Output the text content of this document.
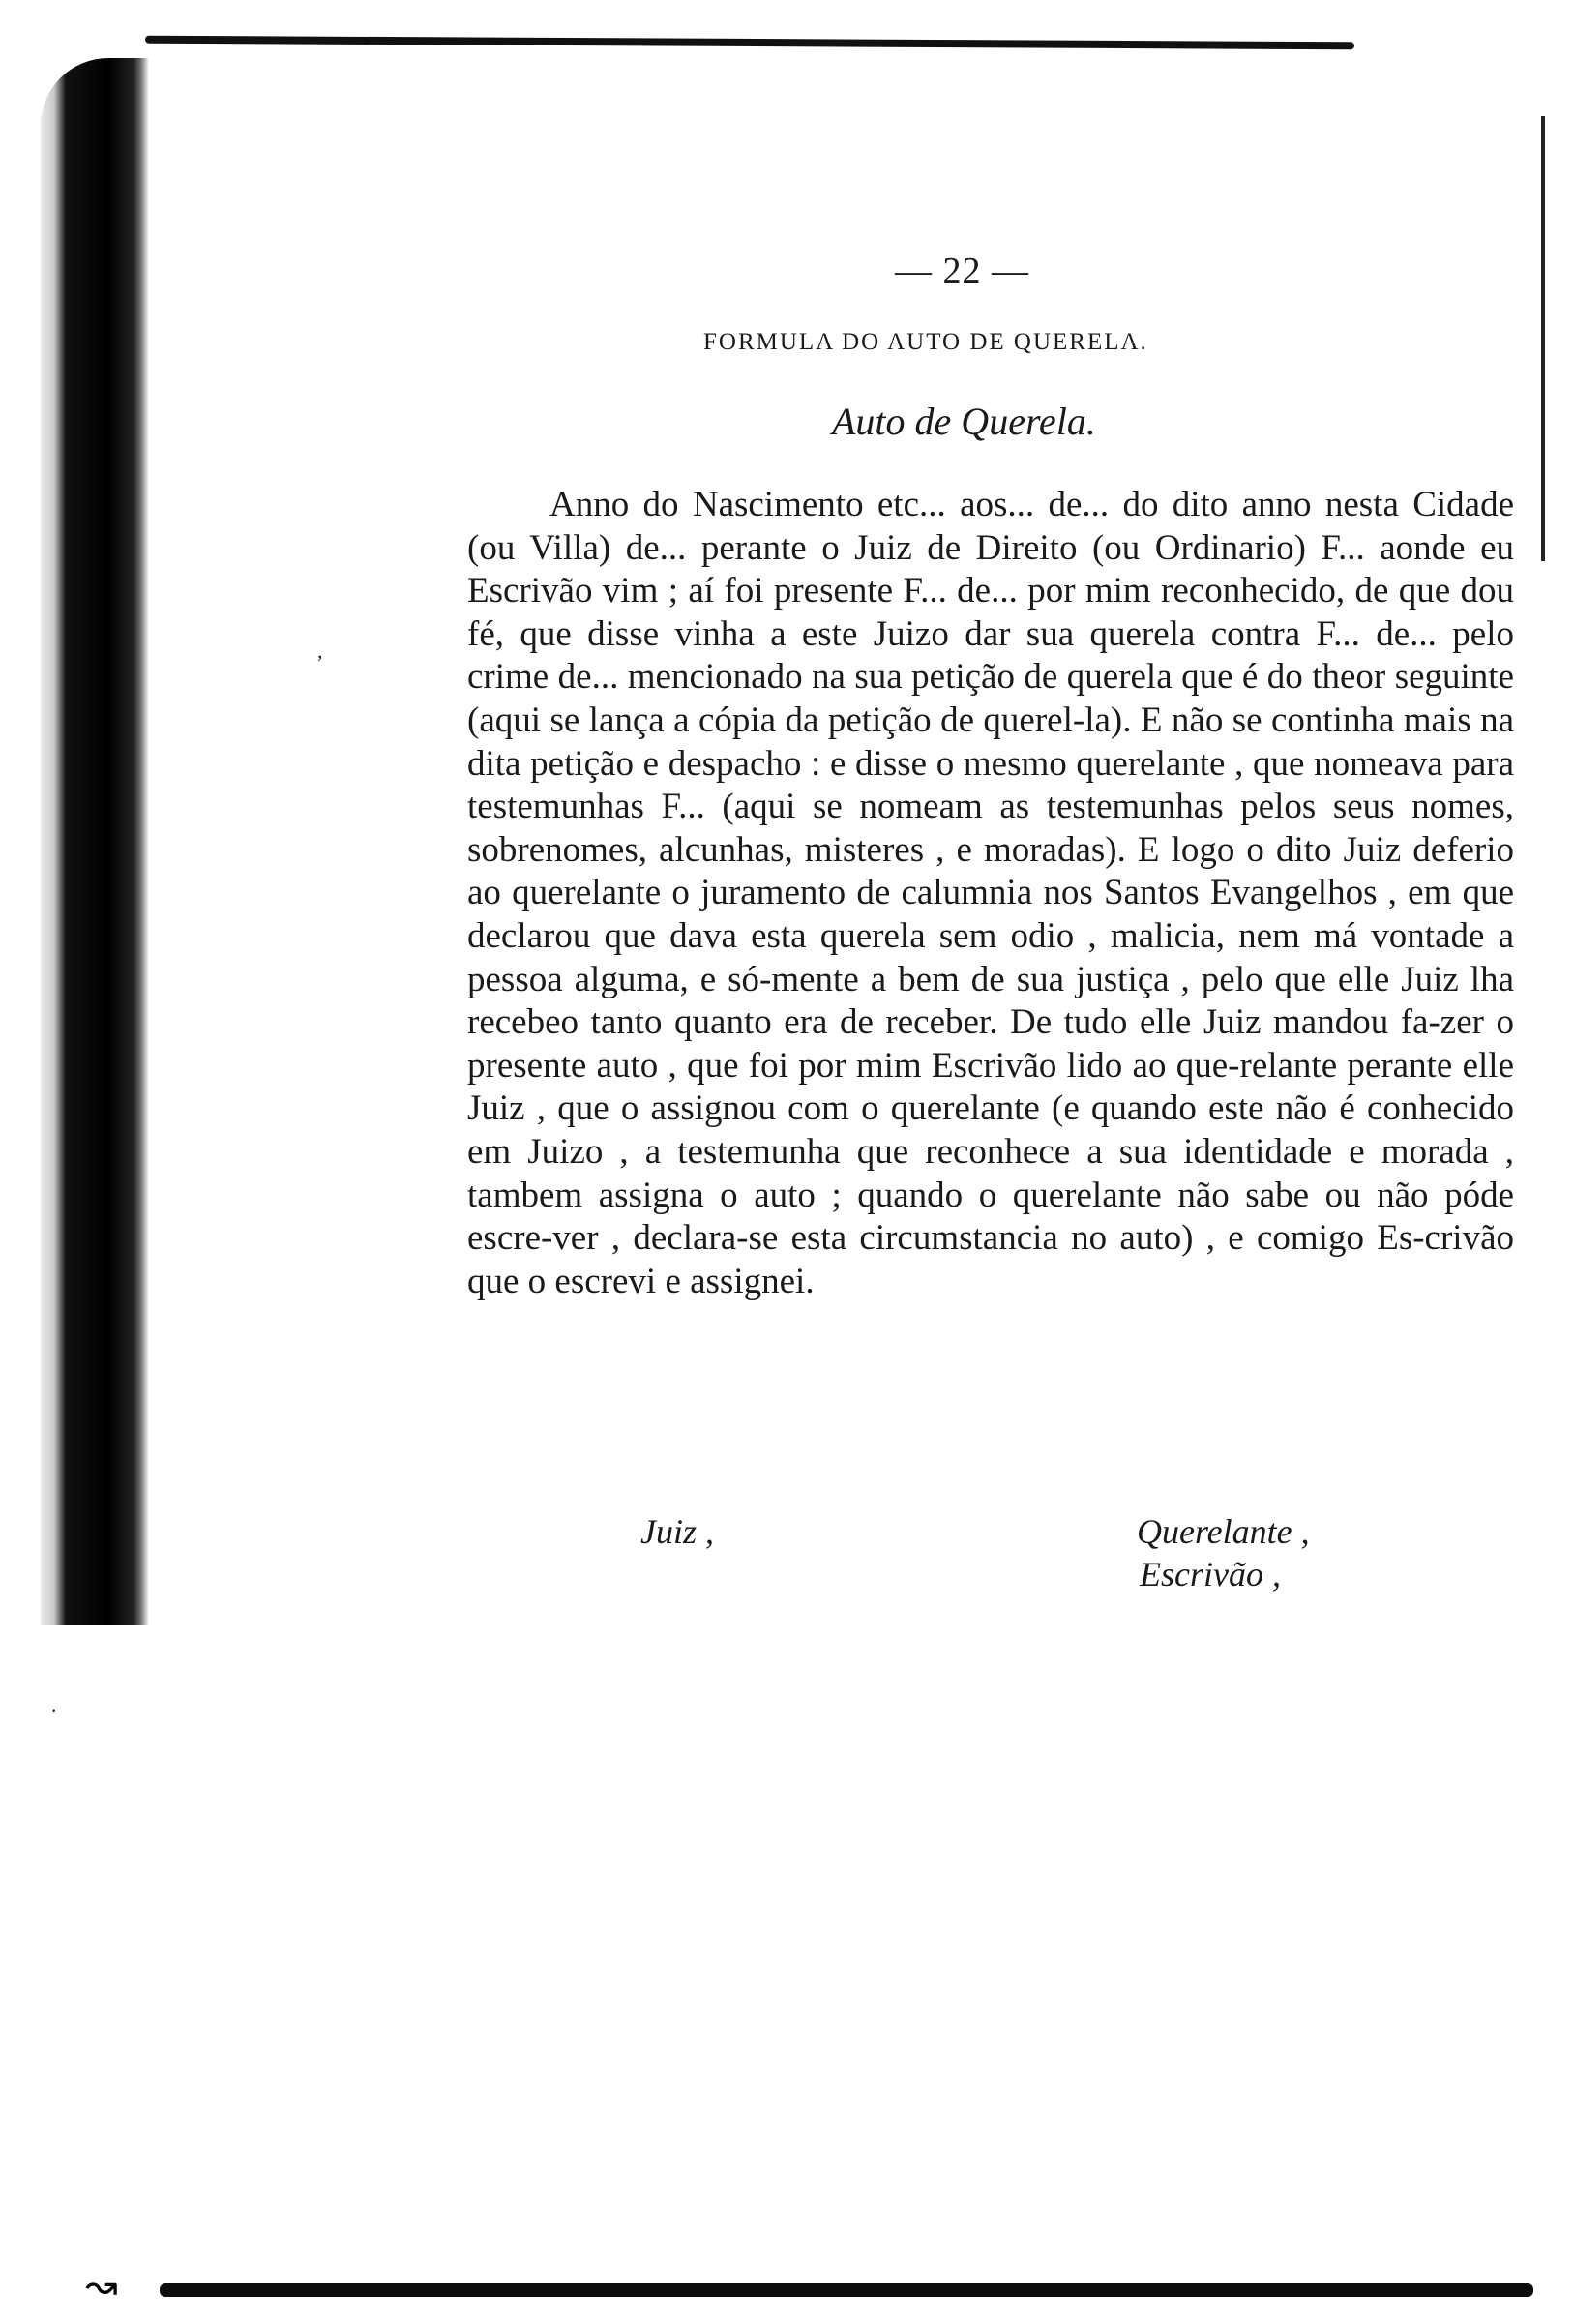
↝
,
·
— 22 —
FORMULA DO AUTO DE QUERELA.
Auto de Querela.

Anno do Nascimento etc... aos... de... do dito anno nesta Cidade (ou Villa) de... perante o Juiz de Direito (ou Ordinario) F... aonde eu Escrivão vim ; aí foi presente F... de... por mim reconhecido, de que dou fé, que disse vinha a este Juizo dar sua querela contra F... de... pelo crime de... mencionado na sua petição de querela que é do theor seguinte (aqui se lança a cópia da petição de querel-la). E não se continha mais na dita petição e despacho : e disse o mesmo querelante , que nomeava para testemunhas F... (aqui se nomeam as testemunhas pelos seus nomes, sobrenomes, alcunhas, misteres , e moradas). E logo o dito Juiz deferio ao querelante o juramento de calumnia nos Santos Evangelhos , em que declarou que dava esta querela sem odio , malicia, nem má vontade a pessoa alguma, e só-mente a bem de sua justiça , pelo que elle Juiz lha recebeo tanto quanto era de receber. De tudo elle Juiz mandou fa-zer o presente auto , que foi por mim Escrivão lido ao que-relante perante elle Juiz , que o assignou com o querelante (e quando este não é conhecido em Juizo , a testemunha que reconhece a sua identidade e morada , tambem assigna o auto ; quando o querelante não sabe ou não póde escre-ver , declara-se esta circumstancia no auto) , e comigo Es-crivão que o escrevi e assignei.

Juiz ,	Querelante ,
Escrivão ,
